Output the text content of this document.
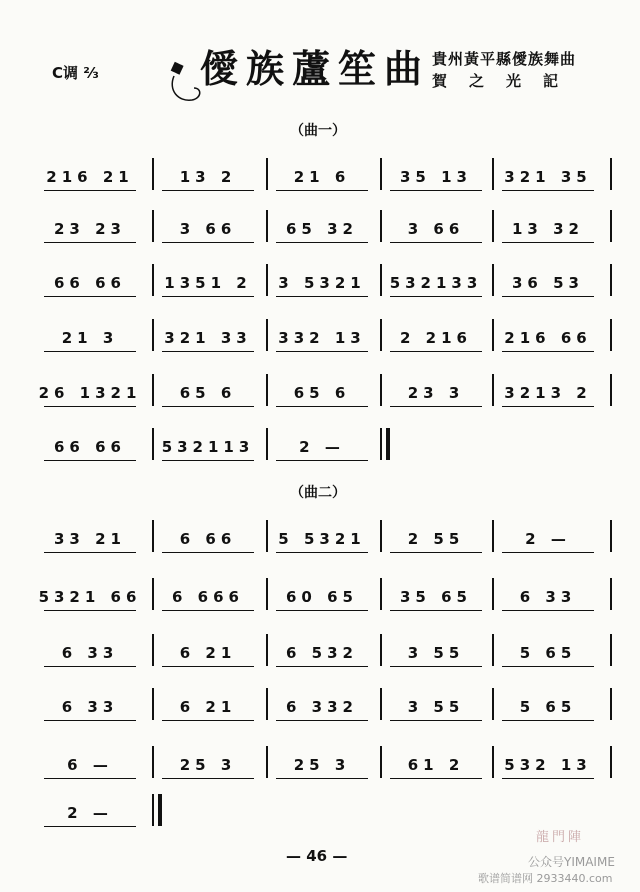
C调 ⅔	◆ 僾族蘆笙曲 貴州黃平縣僾族舞曲
賀之光記
（曲一）
216 21	13 2	21 6	35 13	321 35
23 23	3 66	65 32	3 66	13 32
66 66	1351 2	3 5321	532133	36 53
21 3	321 33	332 13	2 216	216 66
26 1321	65 6	65 6	23 3	3213 2
66 66	532113	2 —
（曲二）
33 21	6 66	5 5321	2 55	2 —
5321 66	6 666	60 65	35 65	6 33
6 33	6 21	6 532	3 55	5 65
6 33	6 21	6 332	3 55	5 65
6 —	25 3	25 3	61 2	532 13
2 —
— 46 —
龍門陣
公众号YIMAIME
歌谱简谱网 2933440.com
